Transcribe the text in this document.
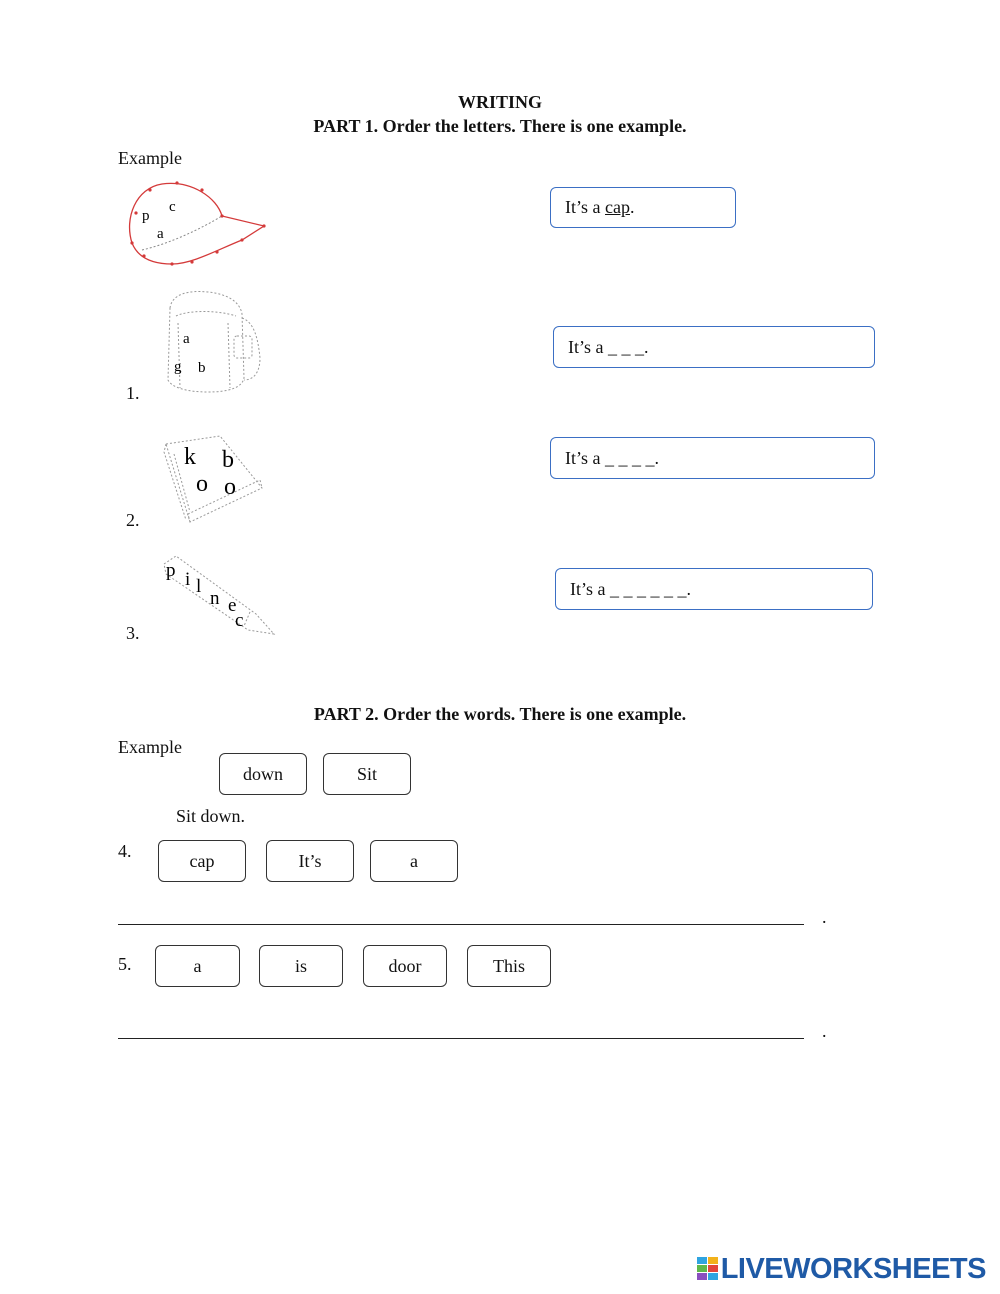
WRITING
PART 1. Order the letters. There is one example.
Example
p
c
a
It’s a cap .
a
g b
1.
It’s a _ _ _.
k b
o o
2.
It’s a _ _ _ _.
p i l
n e
c
3.
It’s a _ _ _ _ _ _.
PART 2. Order the words. There is one example.
Example
down	Sit
Sit down.
4.	cap	It’s	a
.
5.	a	is	door	This
.
LIVEWORKSHEETS
